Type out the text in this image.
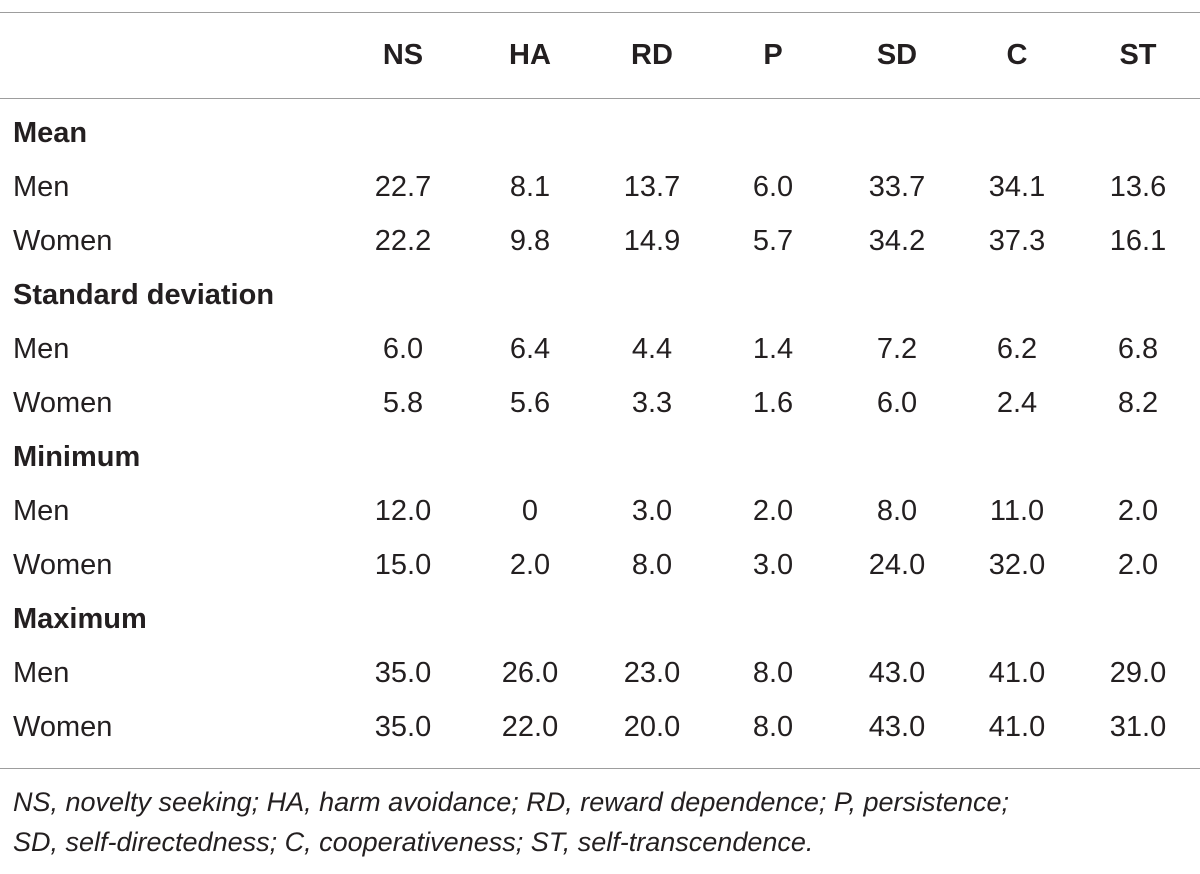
	NS	HA	RD	P	SD	C	ST
Mean							
Men	22.7	8.1	13.7	6.0	33.7	34.1	13.6
Women	22.2	9.8	14.9	5.7	34.2	37.3	16.1
Standard deviation							
Men	6.0	6.4	4.4	1.4	7.2	6.2	6.8
Women	5.8	5.6	3.3	1.6	6.0	2.4	8.2
Minimum							
Men	12.0	0	3.0	2.0	8.0	11.0	2.0
Women	15.0	2.0	8.0	3.0	24.0	32.0	2.0
Maximum							
Men	35.0	26.0	23.0	8.0	43.0	41.0	29.0
Women	35.0	22.0	20.0	8.0	43.0	41.0	31.0
NS, novelty seeking; HA, harm avoidance; RD, reward dependence; P, persistence;
SD, self-directedness; C, cooperativeness; ST, self-transcendence.
